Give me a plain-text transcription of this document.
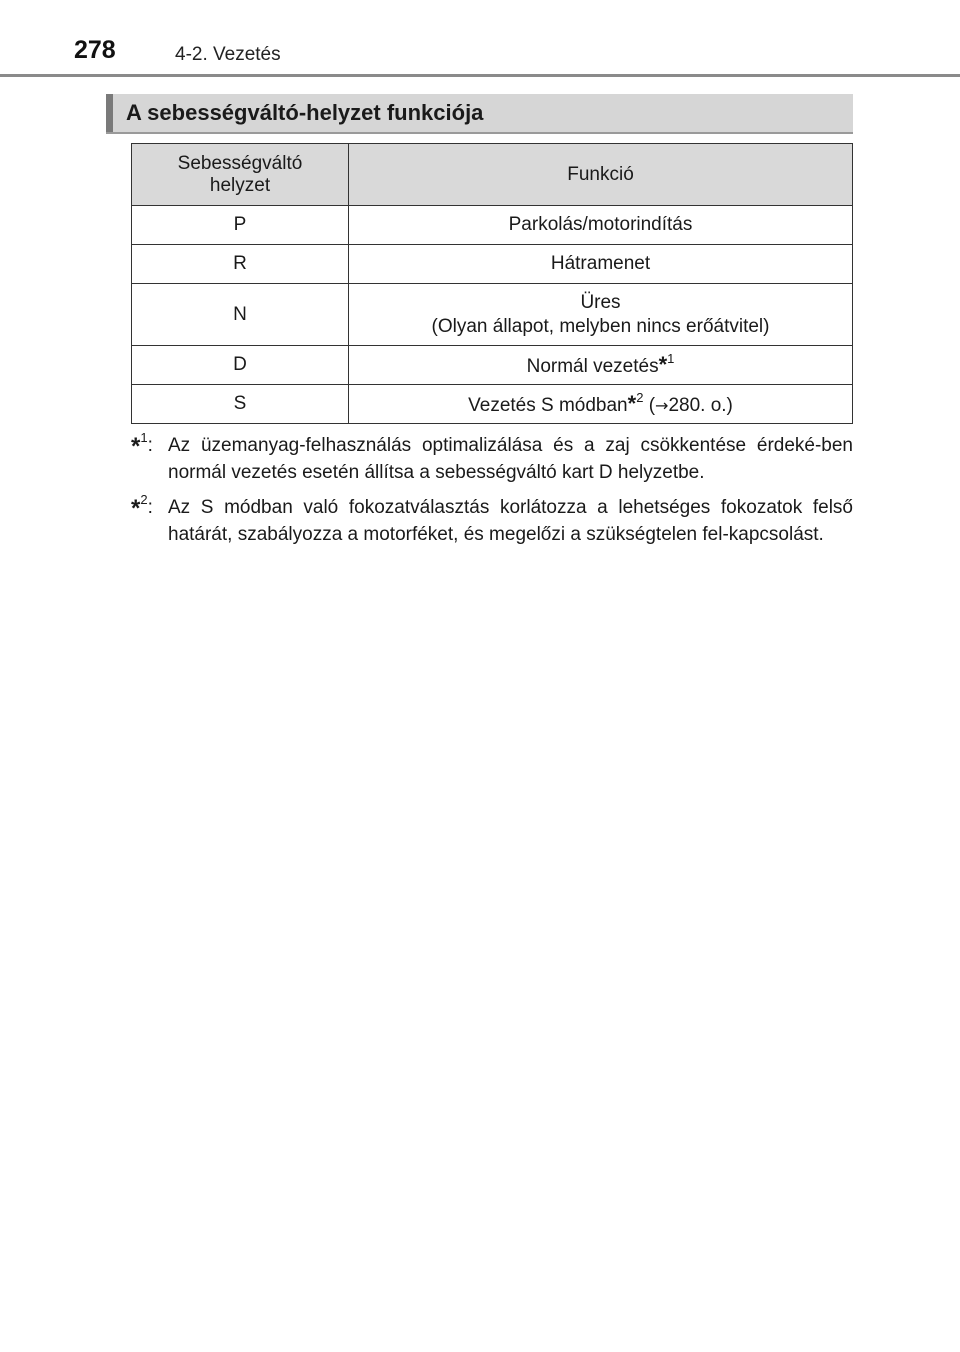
278	4-2. Vezetés
A sebességváltó-helyzet funkciója
Sebességváltó
helyzet	Funkció
P	Parkolás/motorindítás
R	Hátramenet
N	Üres
(Olyan állapot, melyben nincs erőátvitel)

D	Normál vezetés*$^1$
S	Vezetés S módban*$^2$ (→280. o.)
*$^1$: Az üzemanyag-felhasználás optimalizálása és a zaj csökkentése érdeké-ben normál vezetés esetén állítsa a sebességváltó kart D helyzetbe.
*$^2$: Az S módban való fokozatválasztás korlátozza a lehetséges fokozatok felső határát, szabályozza a motorféket, és megelőzi a szükségtelen fel-kapcsolást.
